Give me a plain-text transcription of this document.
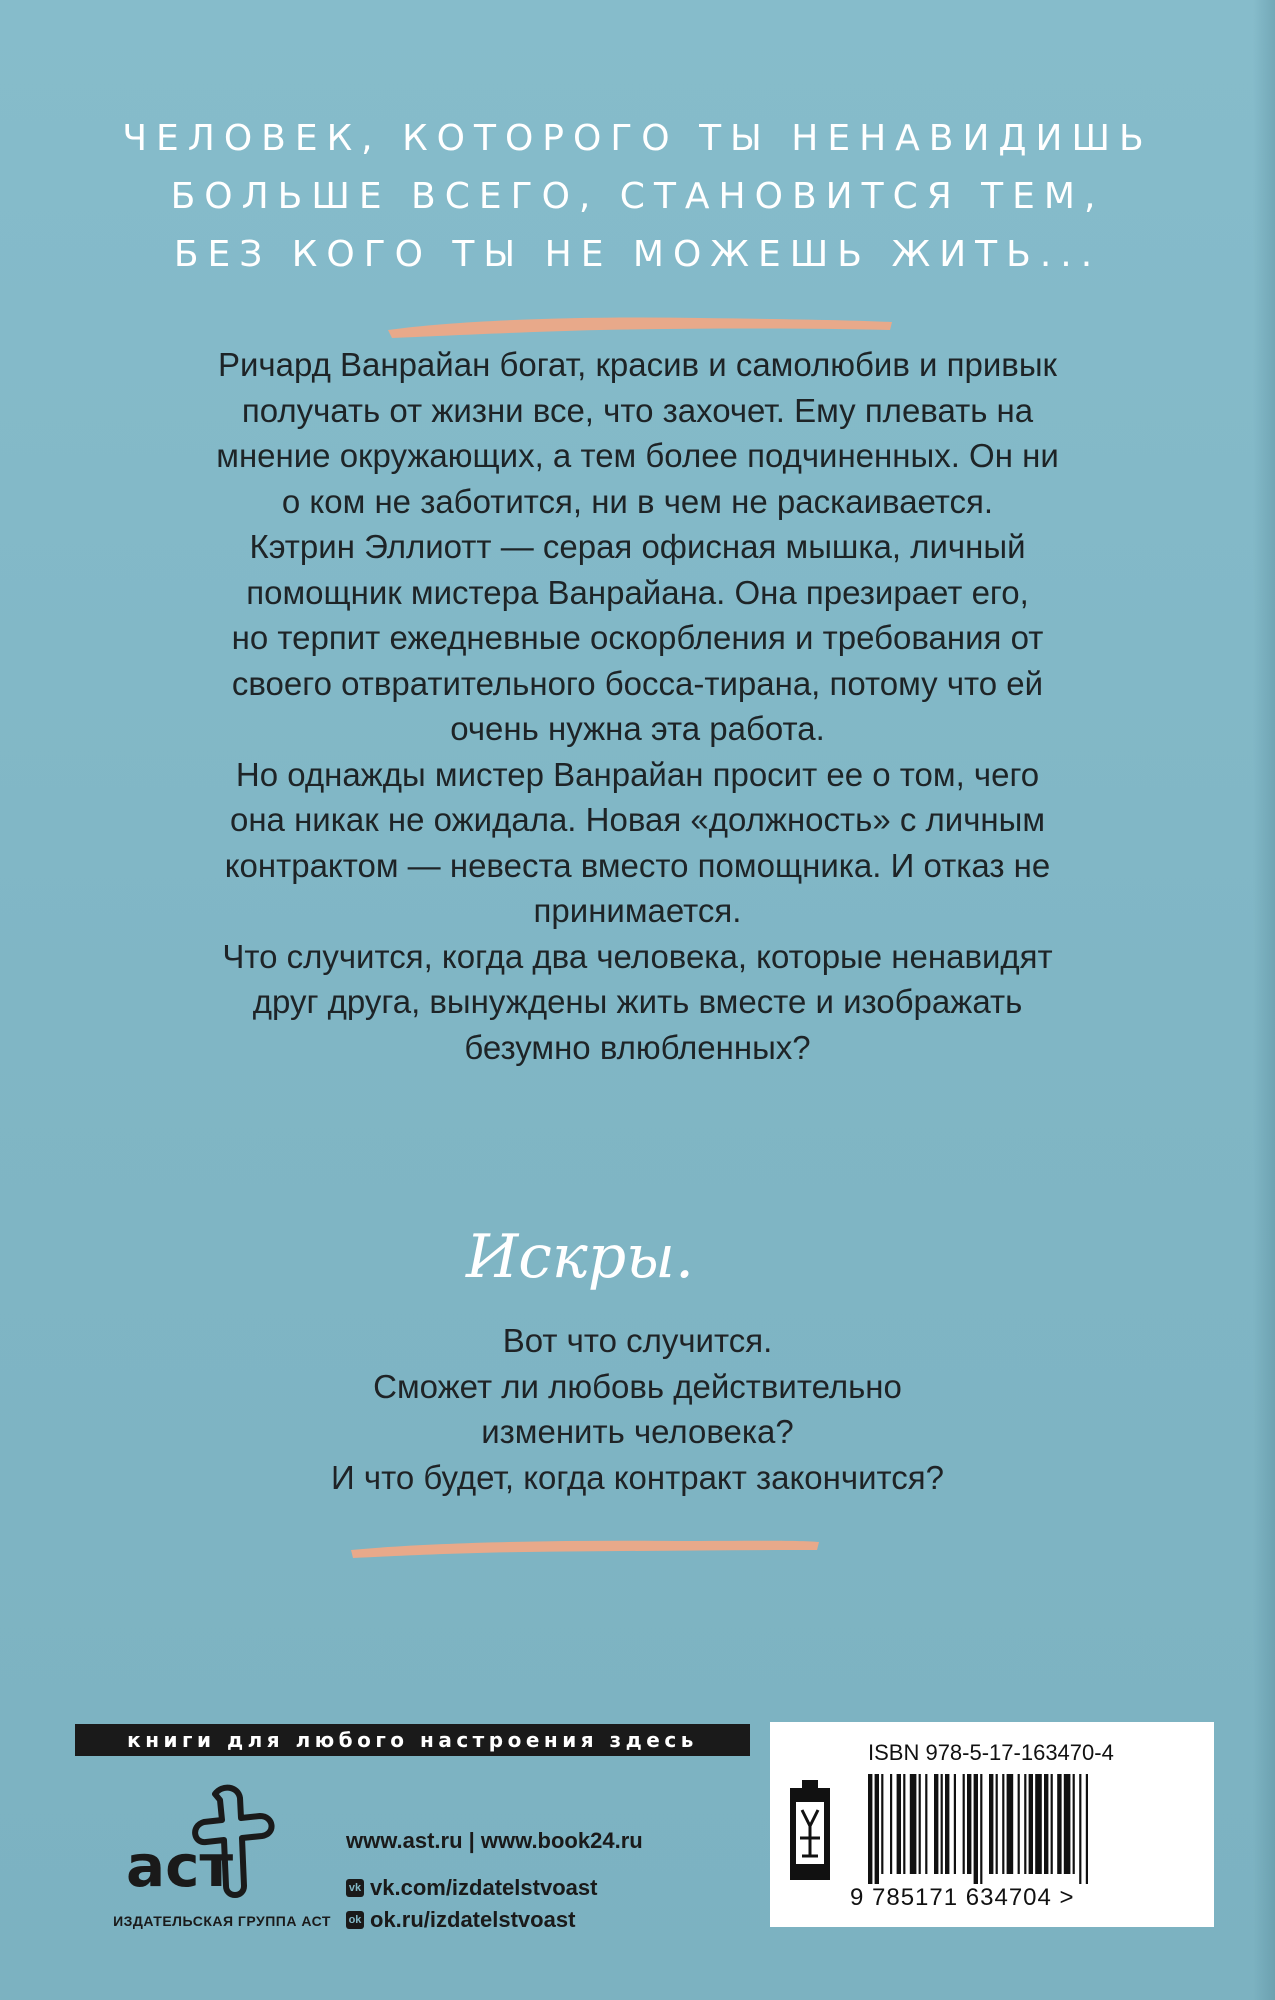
ЧЕЛОВЕК, КОТОРОГО ТЫ НЕНАВИДИШЬ
БОЛЬШЕ ВСЕГО, СТАНОВИТСЯ ТЕМ,
БЕЗ КОГО ТЫ НЕ МОЖЕШЬ ЖИТЬ...
Ричард Ванрайан богат, красив и самолюбив и привык
получать от жизни все, что захочет. Ему плевать на
мнение окружающих, а тем более подчиненных. Он ни
о ком не заботится, ни в чем не раскаивается.
Кэтрин Эллиотт — серая офисная мышка, личный
помощник мистера Ванрайана. Она презирает его,
но терпит ежедневные оскорбления и требования от
своего отвратительного босса-тирана, потому что ей
очень нужна эта работа.
Но однажды мистер Ванрайан просит ее о том, чего
она никак не ожидала. Новая «должность» с личным
контрактом — невеста вместо помощника. И отказ не
принимается.
Что случится, когда два человека, которые ненавидят
друг друга, вынуждены жить вместе и изображать
безумно влюбленных?
Искры.
Вот что случится.
Сможет ли любовь действительно
изменить человека?
И что будет, когда контракт закончится?
книги для любого настроения здесь
аст
ИЗДАТЕЛЬСКАЯ ГРУППА АСТ
www.ast.ru | www.book24.ru
vk vk.com/izdatelstvoast
ok ok.ru/izdatelstvoast
ISBN 978-5-17-163470-4
9 785171 634704 >
